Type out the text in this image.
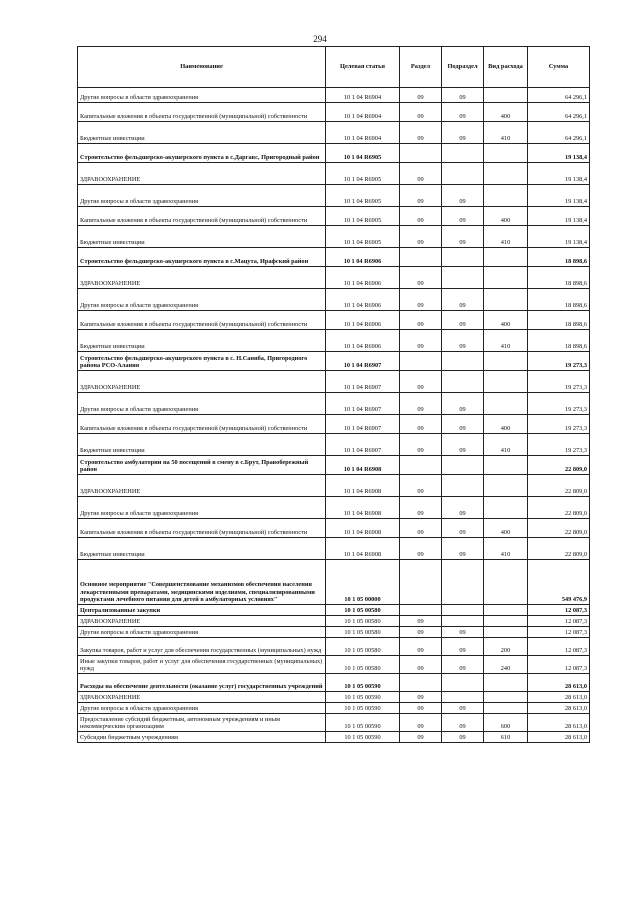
294
Наименование	Целевая статья	Раздел	Подраздел	Вид расхода	Сумма
Другие вопросы в области здравоохранения	10 1 04 R6904	09	09		64 296,1
Капитальные вложения в объекты государственной (муниципальной) собственности	10 1 04 R6904	09	09	400	64 296,1
Бюджетные инвестиции	10 1 04 R6904	09	09	410	64 296,1
Строительство фельдшерско-акушерского пункта в с.Даргавс, Пригородный район	10 1 04 R6905				19 138,4
ЗДРАВООХРАНЕНИЕ	10 1 04 R6905	09			19 138,4
Другие вопросы в области здравоохранения	10 1 04 R6905	09	09		19 138,4
Капитальные вложения в объекты государственной (муниципальной) собственности	10 1 04 R6905	09	09	400	19 138,4
Бюджетные инвестиции	10 1 04 R6905	09	09	410	19 138,4
Строительство фельдшерско-акушерского пункта в с.Мацута, Ирафский район	10 1 04 R6906				18 898,6
ЗДРАВООХРАНЕНИЕ	10 1 04 R6906	09			18 898,6
Другие вопросы в области здравоохранения	10 1 04 R6906	09	09		18 898,6
Капитальные вложения в объекты государственной (муниципальной) собственности	10 1 04 R6906	09	09	400	18 898,6
Бюджетные инвестиции	10 1 04 R6906	09	09	410	18 898,6
Строительство фельдшерско-акушерского пункта в с. Н.Саниба, Пригородного района РСО-Алания	10 1 04 R6907				19 273,3
ЗДРАВООХРАНЕНИЕ	10 1 04 R6907	09			19 273,3
Другие вопросы в области здравоохранения	10 1 04 R6907	09	09		19 273,3
Капитальные вложения в объекты государственной (муниципальной) собственности	10 1 04 R6907	09	09	400	19 273,3
Бюджетные инвестиции	10 1 04 R6907	09	09	410	19 273,3
Строительство амбулатории на 50 посещений в смену в с.Брут, Правобережный район	10 1 04 R6908				22 809,0
ЗДРАВООХРАНЕНИЕ	10 1 04 R6908	09			22 809,0
Другие вопросы в области здравоохранения	10 1 04 R6908	09	09		22 809,0
Капитальные вложения в объекты государственной (муниципальной) собственности	10 1 04 R6908	09	09	400	22 809,0
Бюджетные инвестиции	10 1 04 R6908	09	09	410	22 809,0
Основное мероприятие "Совершенствование механизмов обеспечения населения лекарственными препаратами, медицинскими изделиями, специализированными продуктами лечебного питания для детей в амбулаторных условиях"	10 1 05 00000				549 476,9
Централизованные закупки	10 1 05 00580				12 087,3
ЗДРАВООХРАНЕНИЕ	10 1 05 00580	09			12 087,3
Другие вопросы в области здравоохранения	10 1 05 00580	09	09		12 087,3
Закупка товаров, работ и услуг для обеспечения государственных (муниципальных) нужд	10 1 05 00580	09	09	200	12 087,3
Иные закупки товаров, работ и услуг для обеспечения государственных (муниципальных) нужд	10 1 05 00580	09	09	240	12 087,3
Расходы на обеспечение деятельности (оказание услуг) государственных учреждений	10 1 05 00590				28 613,0
ЗДРАВООХРАНЕНИЕ	10 1 05 00590	09			28 613,0
Другие вопросы в области здравоохранения	10 1 05 00590	09	09		28 613,0
Предоставление субсидий бюджетным, автономным учреждениям и иным некоммерческим организациям	10 1 05 00590	09	09	600	28 613,0
Субсидии бюджетным учреждениям	10 1 05 00590	09	09	610	28 613,0
